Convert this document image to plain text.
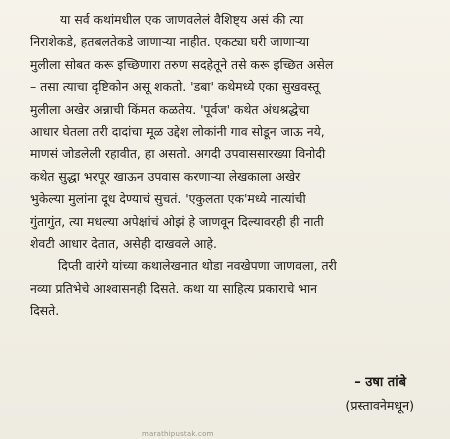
या सर्व कथांमधील एक जाणवलेलं वैशिष्ट्य असं की त्या
निराशेकडे, हतबलतेकडे जाणाऱ्या नाहीत. एकट्या घरी जाणाऱ्या
मुलीला सोबत करू इच्छिणारा तरुण सदहेतूने तसे करू इच्छित असेल
– तसा त्याचा दृष्टिकोन असू शकतो. 'डबा' कथेमध्ये एका सुखवस्तू
मुलीला अखेर अन्नाची किंमत कळतेय. 'पूर्वज' कथेत अंधश्रद्धेचा
आधार घेतला तरी दादांचा मूळ उद्देश लोकांनी गाव सोडून जाऊ नये,
माणसं जोडलेली रहावीत, हा असतो. अगदी उपवाससारख्या विनोदी
कथेत सुद्धा भरपूर खाऊन उपवास करणाऱ्या लेखकाला अखेर
भुकेल्या मुलांना दूध देण्याचं सुचतं. 'एकुलता एक'मध्ये नात्यांची
गुंतागुंत, त्या मधल्या अपेक्षांचं ओझं हे जाणवून दिल्यावरही ही नाती
शेवटी आधार देतात, असेही दाखवले आहे.
दिप्ती वारंगे यांच्या कथालेखनात थोडा नवखेपणा जाणवला, तरी
नव्या प्रतिभेचे आश्वासनही दिसते. कथा या साहित्य प्रकाराचे भान
दिसते.
– उषा तांबे
(प्रस्तावनेमधून)
marathipustak.com
